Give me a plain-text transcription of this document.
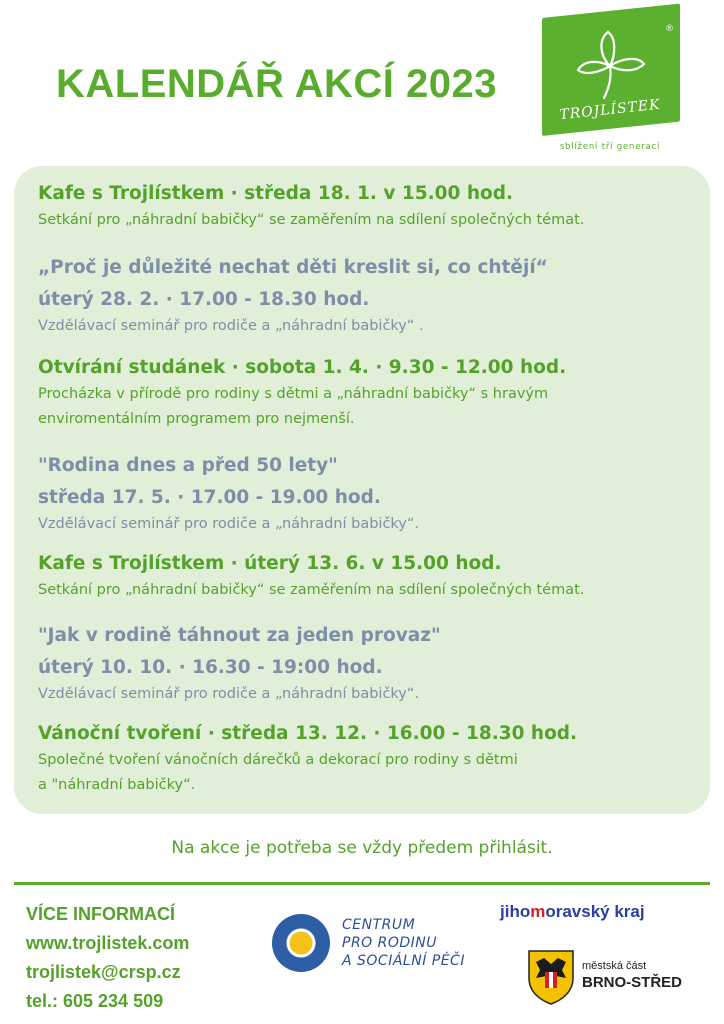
KALENDÁŘ AKCÍ 2023
®
TROJLÍSTEK
sblížení tří generací
Kafe s Trojlístkem · středa 18. 1. v 15.00 hod.
Setkání pro „náhradní babičky“ se zaměřením na sdílení společných témat.
„Proč je důležité nechat děti kreslit si, co chtějí“
úterý 28. 2. · 17.00 - 18.30 hod.
Vzdělávací seminář pro rodiče a „náhradní babičky“ .
Otvírání studánek · sobota 1. 4. · 9.30 - 12.00 hod.
Procházka v přírodě pro rodiny s dětmi a „náhradní babičky“ s hravým
enviromentálním programem pro nejmenší.
"Rodina dnes a před 50 lety"
středa 17. 5. · 17.00 - 19.00 hod.
Vzdělávací seminář pro rodiče a „náhradní babičky“.
Kafe s Trojlístkem · úterý 13. 6. v 15.00 hod.
Setkání pro „náhradní babičky“ se zaměřením na sdílení společných témat.
"Jak v rodině táhnout za jeden provaz"
úterý 10. 10. · 16.30 - 19:00 hod.
Vzdělávací seminář pro rodiče a „náhradní babičky“.
Vánoční tvoření · středa 13. 12. · 16.00 - 18.30 hod.
Společné tvoření vánočních dárečků a dekorací pro rodiny s dětmi
a "náhradní babičky“.
Na akce je potřeba se vždy předem přihlásit.
VÍCE INFORMACÍ
www.trojlistek.com
trojlistek@crsp.cz
tel.: 605 234 509
CENTRUM
PRO RODINU
A SOCIÁLNÍ PÉČI
jihomoravský kraj
městská část
BRNO-STŘED
